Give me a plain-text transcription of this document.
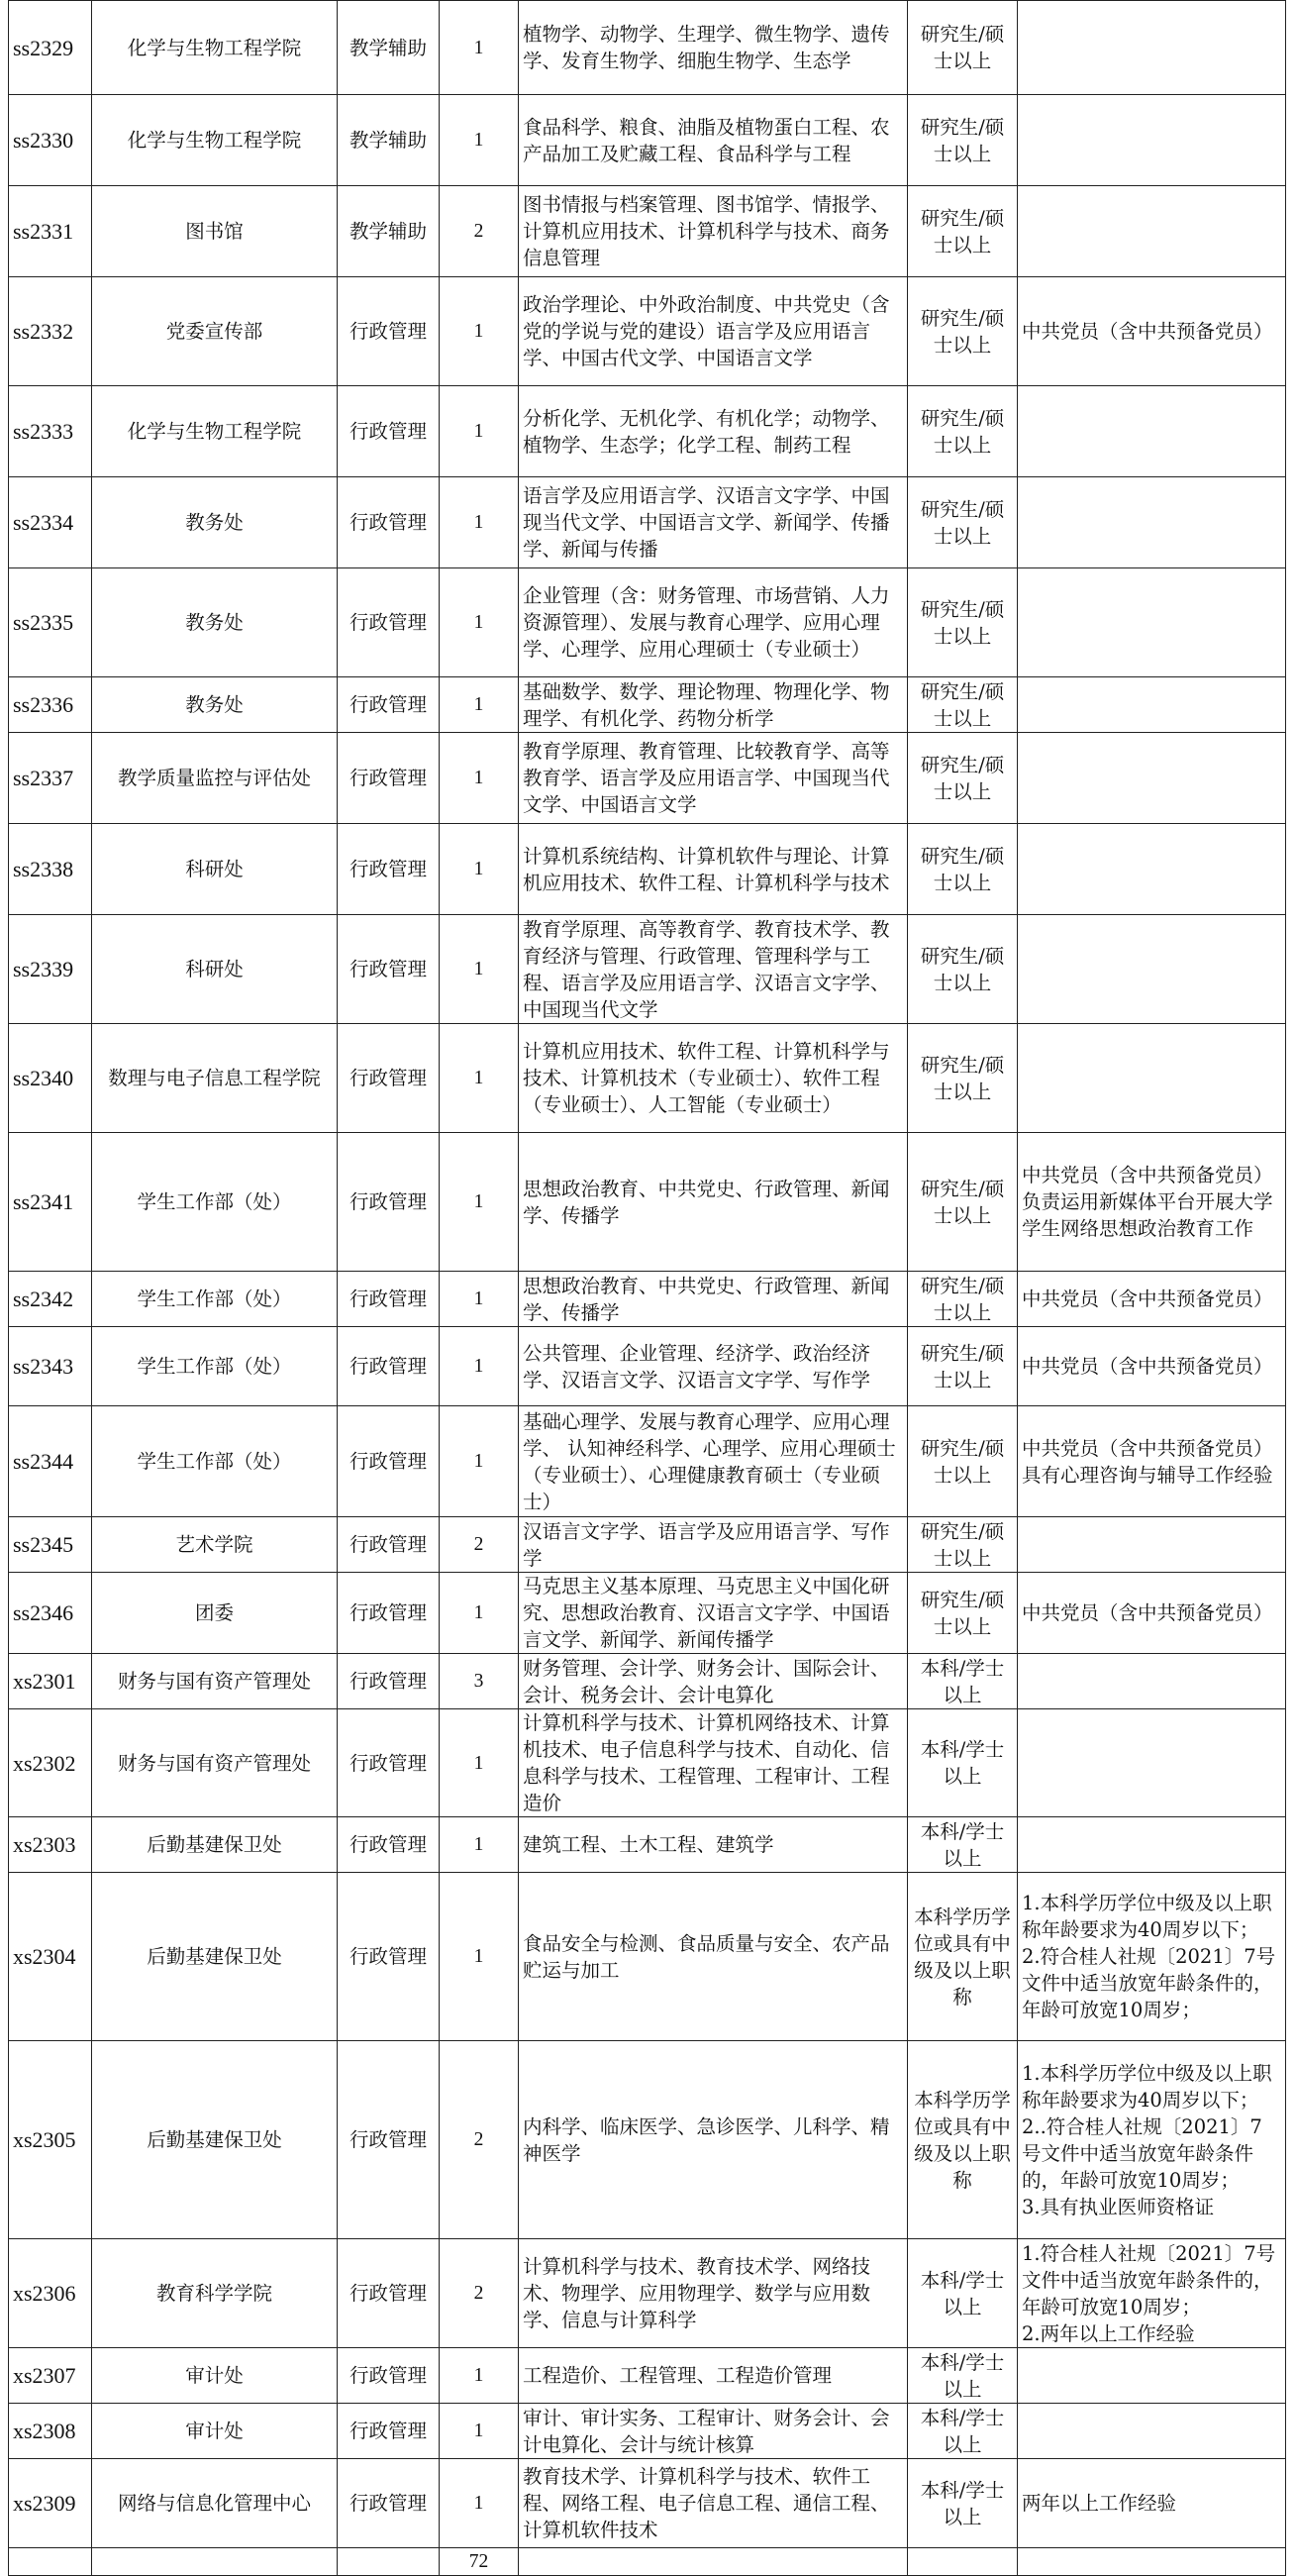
ss2329	化学与生物工程学院	教学辅助	1	植物学、动物学、生理学、微生物学、遗传学、发育生物学、细胞生物学、生态学	研究生/硕士以上	
ss2330	化学与生物工程学院	教学辅助	1	食品科学、粮食、油脂及植物蛋白工程、农产品加工及贮藏工程、食品科学与工程	研究生/硕士以上	
ss2331	图书馆	教学辅助	2	图书情报与档案管理、图书馆学、情报学、计算机应用技术、计算机科学与技术、商务信息管理	研究生/硕士以上	
ss2332	党委宣传部	行政管理	1	政治学理论、中外政治制度、中共党史（含党的学说与党的建设）语言学及应用语言学、中国古代文学、中国语言文学	研究生/硕士以上	中共党员（含中共预备党员）
ss2333	化学与生物工程学院	行政管理	1	分析化学、无机化学、有机化学；动物学、植物学、生态学；化学工程、制药工程	研究生/硕士以上	
ss2334	教务处	行政管理	1	语言学及应用语言学、汉语言文字学、中国现当代文学、中国语言文学、新闻学、传播学、新闻与传播	研究生/硕士以上	
ss2335	教务处	行政管理	1	企业管理（含：财务管理、市场营销、人力资源管理）、发展与教育心理学、应用心理学、心理学、应用心理硕士（专业硕士）	研究生/硕士以上	
ss2336	教务处	行政管理	1	基础数学、数学、理论物理、物理化学、物理学、有机化学、药物分析学	研究生/硕士以上	
ss2337	教学质量监控与评估处	行政管理	1	教育学原理、教育管理、比较教育学、高等教育学、语言学及应用语言学、中国现当代文学、中国语言文学	研究生/硕士以上	
ss2338	科研处	行政管理	1	计算机系统结构、计算机软件与理论、计算机应用技术、软件工程、计算机科学与技术	研究生/硕士以上	
ss2339	科研处	行政管理	1	教育学原理、高等教育学、教育技术学、教育经济与管理、行政管理、管理科学与工程、语言学及应用语言学、汉语言文字学、中国现当代文学	研究生/硕士以上	
ss2340	数理与电子信息工程学院	行政管理	1	计算机应用技术、软件工程、计算机科学与技术、计算机技术（专业硕士）、软件工程（专业硕士）、人工智能（专业硕士）	研究生/硕士以上	
ss2341	学生工作部（处）	行政管理	1	思想政治教育、中共党史、行政管理、新闻学、传播学	研究生/硕士以上	中共党员（含中共预备党员）
负责运用新媒体平台开展大学学生网络思想政治教育工作
ss2342	学生工作部（处）	行政管理	1	思想政治教育、中共党史、行政管理、新闻学、传播学	研究生/硕士以上	中共党员（含中共预备党员）
ss2343	学生工作部（处）	行政管理	1	公共管理、企业管理、经济学、政治经济学、汉语言文学、汉语言文字学、写作学	研究生/硕士以上	中共党员（含中共预备党员）
ss2344	学生工作部（处）	行政管理	1	基础心理学、发展与教育心理学、应用心理学、 认知神经科学、心理学、应用心理硕士（专业硕士）、心理健康教育硕士（专业硕士）	研究生/硕士以上	中共党员（含中共预备党员）
具有心理咨询与辅导工作经验
ss2345	艺术学院	行政管理	2	汉语言文字学、语言学及应用语言学、写作学	研究生/硕士以上	
ss2346	团委	行政管理	1	马克思主义基本原理、马克思主义中国化研究、思想政治教育、汉语言文字学、中国语言文学、新闻学、新闻传播学	研究生/硕士以上	中共党员（含中共预备党员）
xs2301	财务与国有资产管理处	行政管理	3	财务管理、会计学、财务会计、国际会计、会计、税务会计、会计电算化	本科/学士以上	
xs2302	财务与国有资产管理处	行政管理	1	计算机科学与技术、计算机网络技术、计算机技术、电子信息科学与技术、自动化、信息科学与技术、工程管理、工程审计、工程造价	本科/学士以上	
xs2303	后勤基建保卫处	行政管理	1	建筑工程、土木工程、建筑学	本科/学士以上	
xs2304	后勤基建保卫处	行政管理	1	食品安全与检测、食品质量与安全、农产品贮运与加工	本科学历学位或具有中级及以上职称	1.本科学历学位中级及以上职称年龄要求为40周岁以下；
2.符合桂人社规〔2021〕7号文件中适当放宽年龄条件的，年龄可放宽10周岁；
xs2305	后勤基建保卫处	行政管理	2	内科学、临床医学、急诊医学、儿科学、精神医学	本科学历学位或具有中级及以上职称	1.本科学历学位中级及以上职称年龄要求为40周岁以下；
2..符合桂人社规〔2021〕7号文件中适当放宽年龄条件的，年龄可放宽10周岁；
3.具有执业医师资格证
xs2306	教育科学学院	行政管理	2	计算机科学与技术、教育技术学、网络技术、物理学、应用物理学、数学与应用数学、信息与计算科学	本科/学士以上	1.符合桂人社规〔2021〕7号文件中适当放宽年龄条件的，年龄可放宽10周岁；
2.两年以上工作经验
xs2307	审计处	行政管理	1	工程造价、工程管理、工程造价管理	本科/学士以上	
xs2308	审计处	行政管理	1	审计、审计实务、工程审计、财务会计、会计电算化、会计与统计核算	本科/学士以上	
xs2309	网络与信息化管理中心	行政管理	1	教育技术学、计算机科学与技术、软件工程、网络工程、电子信息工程、通信工程、计算机软件技术	本科/学士以上	两年以上工作经验
			72			
